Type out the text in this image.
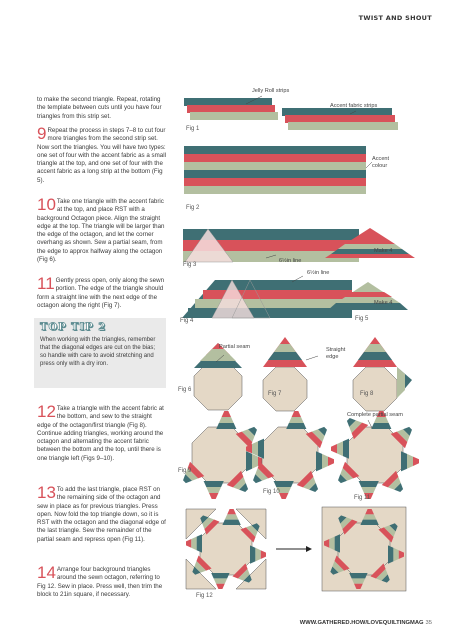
TWIST AND SHOUT
to make the second triangle. Repeat, rotating the template between cuts until you have four triangles from this strip set.
9 Repeat the process in steps 7–8 to cut four more triangles from the second strip set. Now sort the triangles. You will have two types: one set of four with the accent fabric as a small triangle at the top, and one set of four with the accent fabric as a long strip at the bottom (Fig 5).
10 Take one triangle with the accent fabric at the top, and place RST with a background Octagon piece. Align the straight edge at the top. The triangle will be larger than the edge of the octagon, and let the corner overhang as shown. Sew a partial seam, from the edge to approx halfway along the octagon (Fig 6).
11 Gently press open, only along the sewn portion. The edge of the triangle should form a straight line with the next edge of the octagon along the right (Fig 7).
TOP TIP 2
When working with the triangles, remember that the diagonal edges are cut on the bias; so handle with care to avoid stretching and press only with a dry iron.
12 Take a triangle with the accent fabric at the bottom, and sew to the straight edge of the octagon/first triangle (Fig 8). Continue adding triangles, working around the octagon and alternating the accent fabric between the bottom and the top, until there is one triangle left (Figs 9–10).
13 To add the last triangle, place RST on the remaining side of the octagon and sew in place as for previous triangles. Press open. Now fold the top triangle down, so it is RST with the octagon and the diagonal edge of the last triangle. Sew the remainder of the partial seam and repress open (Fig 11).
14 Arrange four background triangles around the sewn octagon, referring to Fig 12. Sew in place. Press well, then trim the block to 21in square, if necessary.
Jelly Roll strips
Accent fabric strips
Accent colour
6½in line
6½in line
Make 4
Make 4
Partial seam	Straight edge
Complete partial seam
Fig 1
Fig 2
Fig 3
Fig 4	Fig 5
Fig 6
Fig 7	Fig 8
Fig 9
Fig 10
Fig 11
Fig 12
WWW.GATHERED.HOW/LOVEQUILTINGMAG 35
